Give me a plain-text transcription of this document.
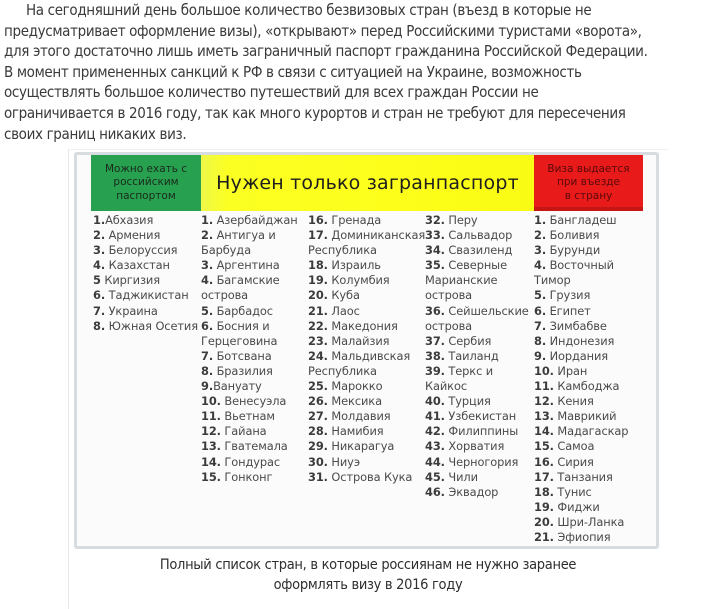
На сегодняшний день большое количество безвизовых стран (въезд в которые не
предусматривает оформление визы), «открывают» перед Российскими туристами «ворота»,
для этого достаточно лишь иметь заграничный паспорт гражданина Российской Федерации.
В момент примененных санкций к РФ в связи с ситуацией на Украине, возможность
осуществлять большое количество путешествий для всех граждан России не
ограничивается в 2016 году, так как много курортов и стран не требуют для пересечения
своих границ никаких виз.
Можно ехать с
российским
паспортом
Нужен только загранпаспорт
Виза выдается
при въезде
в страну
1.Абхазия
2. Армения
3. Белоруссия
4. Казахстан
5 Киргизия
6. Таджикистан
7. Украина
8. Южная Осетия
1. Азербайджан
2. Антигуа и
Барбуда
3. Аргентина
4. Багамские
острова
5. Барбадос
6. Босния и
Герцеговина
7. Ботсвана
8. Бразилия
9.Вануату
10. Венесуэла
11. Вьетнам
12. Гайана
13. Гватемала
14. Гондурас
15. Гонконг
16. Гренада
17. Доминиканская
Республика
18. Израиль
19. Колумбия
20. Куба
21. Лаос
22. Македония
23. Малайзия
24. Мальдивская
Республика
25. Марокко
26. Мексика
27. Молдавия
28. Намибия
29. Никарагуа
30. Ниуэ
31. Острова Кука
32. Перу
33. Сальвадор
34. Свазиленд
35. Северные
Марианские
острова
36. Сейшельские
острова
37. Сербия
38. Таиланд
39. Теркс и
Кайкос
40. Турция
41. Узбекистан
42. Филиппины
43. Хорватия
44. Черногория
45. Чили
46. Эквадор
1. Бангладеш
2. Боливия
3. Бурунди
4. Восточный
Тимор
5. Грузия
6. Египет
7. Зимбабве
8. Индонезия
9. Иордания
10. Иран
11. Камбоджа
12. Кения
13. Маврикий
14. Мадагаскар
15. Самоа
16. Сирия
17. Танзания
18. Тунис
19. Фиджи
20. Шри-Ланка
21. Эфиопия
Полный список стран, в которые россиянам не нужно заранее
оформлять визу в 2016 году
